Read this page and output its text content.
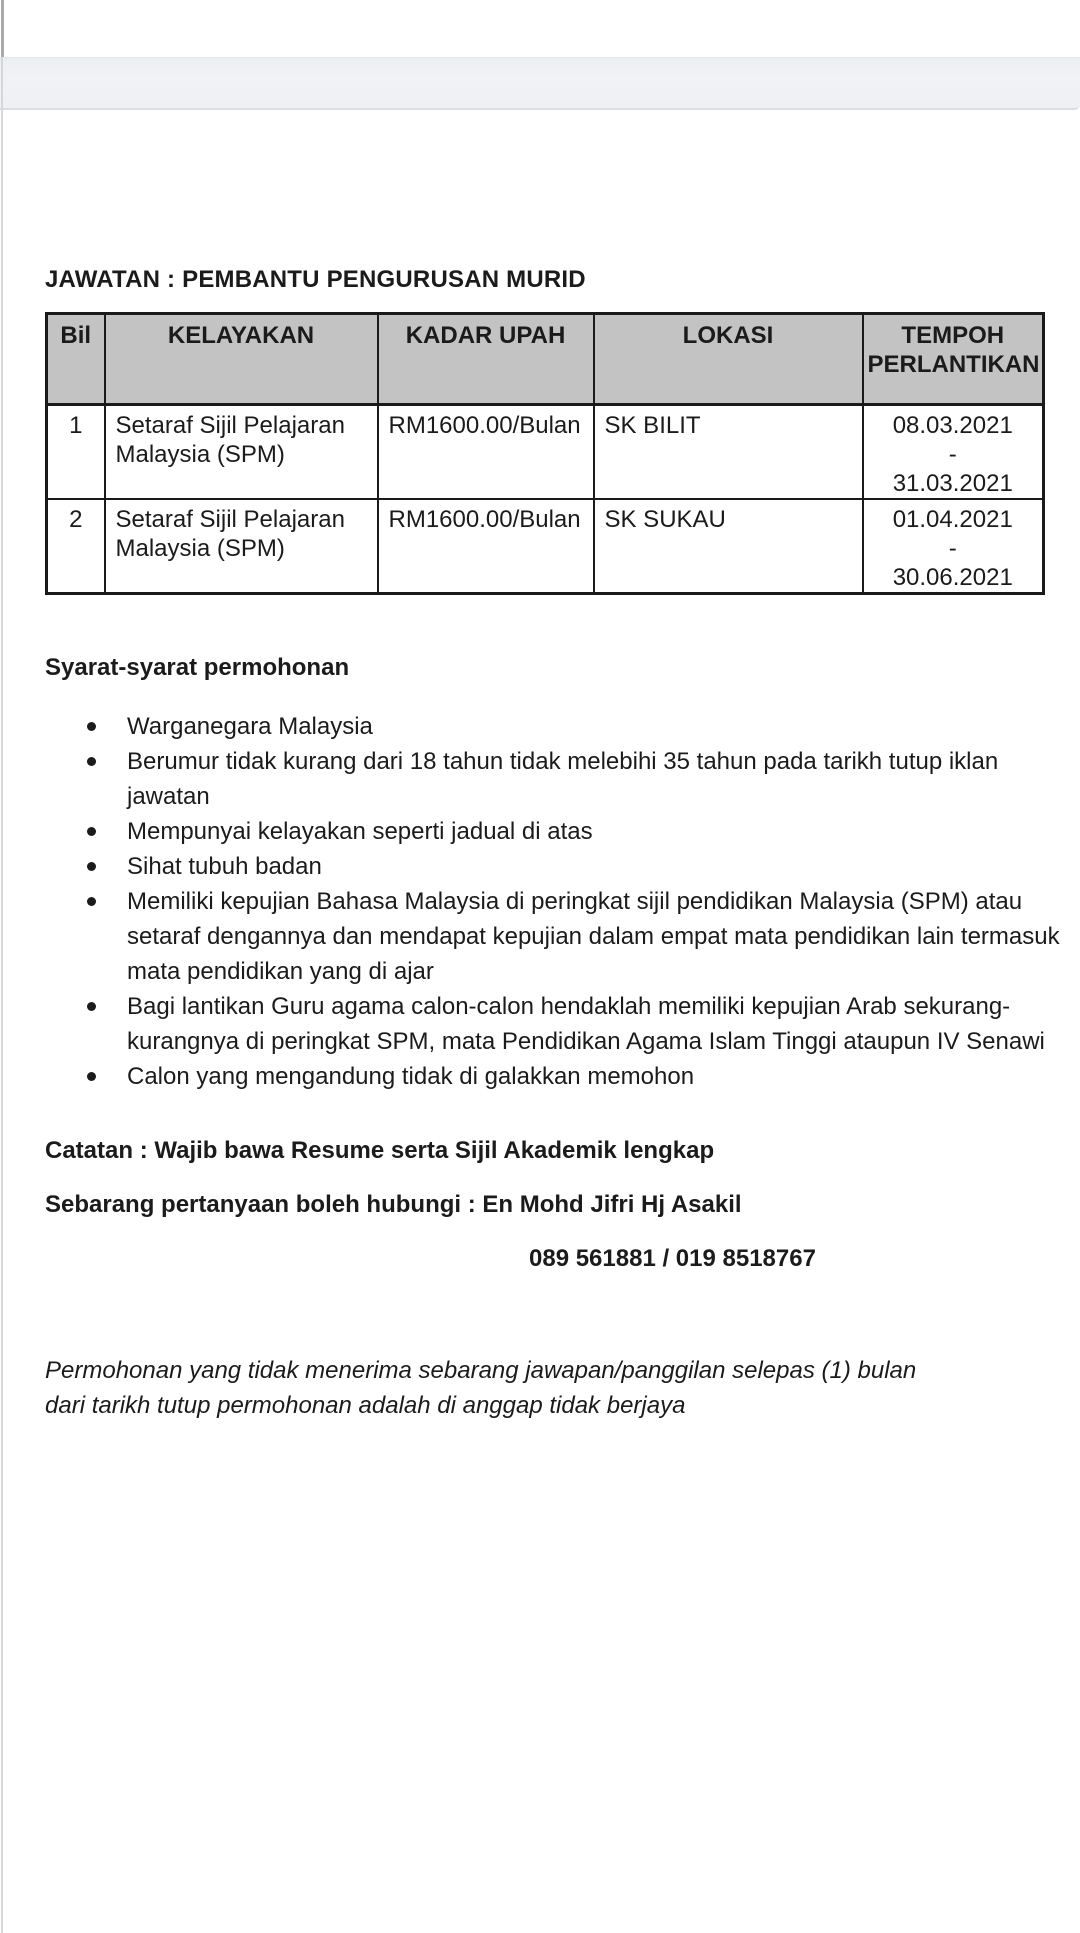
JAWATAN : PEMBANTU PENGURUSAN MURID
Bil	KELAYAKAN	KADAR UPAH	LOKASI	TEMPOH PERLANTIKAN
1	Setaraf Sijil Pelajaran Malaysia (SPM)	RM1600.00/Bulan	SK BILIT	08.03.2021
-
31.03.2021

2	Setaraf Sijil Pelajaran Malaysia (SPM)	RM1600.00/Bulan	SK SUKAU	01.04.2021
-
30.06.2021
Syarat-syarat permohonan
Warganegara Malaysia
Berumur tidak kurang dari 18 tahun tidak melebihi 35 tahun pada tarikh tutup iklan jawatan
Mempunyai kelayakan seperti jadual di atas
Sihat tubuh badan
Memiliki kepujian Bahasa Malaysia di peringkat sijil pendidikan Malaysia (SPM) atau setaraf dengannya dan mendapat kepujian dalam empat mata pendidikan lain termasuk mata pendidikan yang di ajar
Bagi lantikan Guru agama calon-calon hendaklah memiliki kepujian Arab sekurang-kurangnya di peringkat SPM, mata Pendidikan Agama Islam Tinggi ataupun IV Senawi
Calon yang mengandung tidak di galakkan memohon

Catatan : Wajib bawa Resume serta Sijil Akademik lengkap

Sebarang pertanyaan boleh hubungi : En Mohd Jifri Hj Asakil

089 561881 / 019 8518767

Permohonan yang tidak menerima sebarang jawapan/panggilan selepas (1) bulan
dari tarikh tutup permohonan adalah di anggap tidak berjaya
